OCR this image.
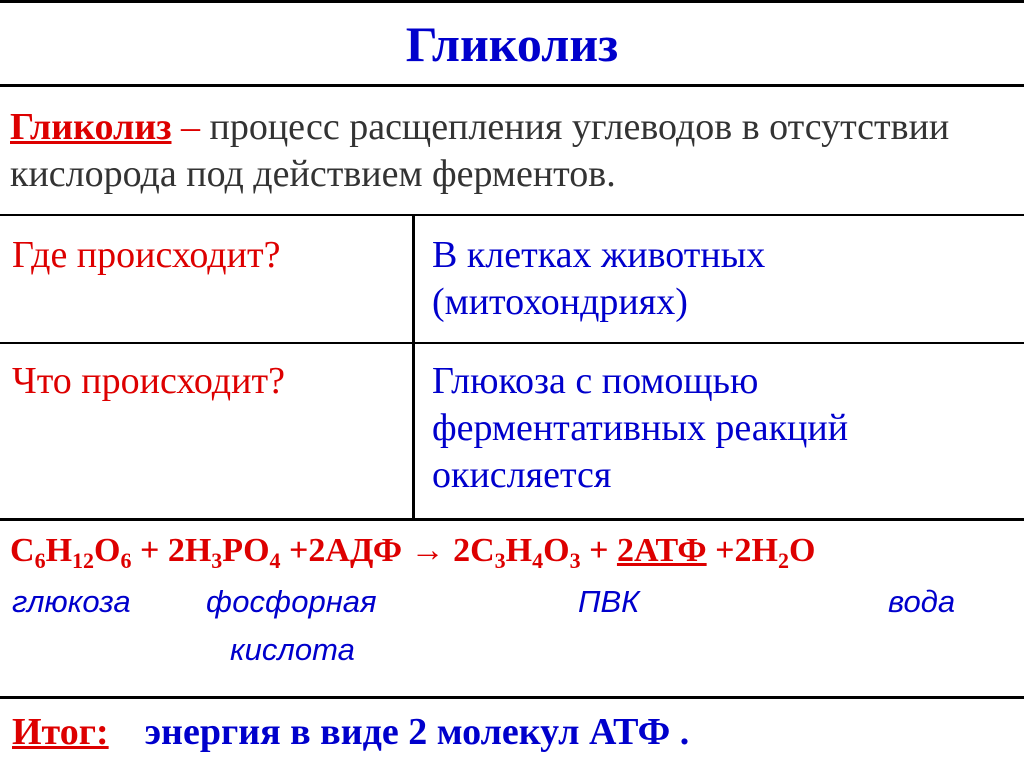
Гликолиз
Гликолиз – процесс расщепления углеводов в отсутствии кислорода под действием ферментов.
Где происходит?	В клетках животных (митохондриях)
Что происходит?	Глюкоза с помощью ферментативных реакций окисляется
$C_6H_{12}O_6 + 2H_3PO_4 +2АДФ \to 2C_3H_4O_3 + 2АТФ +2H_2O$
глюкоза фосфорная
кислота
ПВК	вода
Итог: энергия в виде 2 молекул АТФ .
